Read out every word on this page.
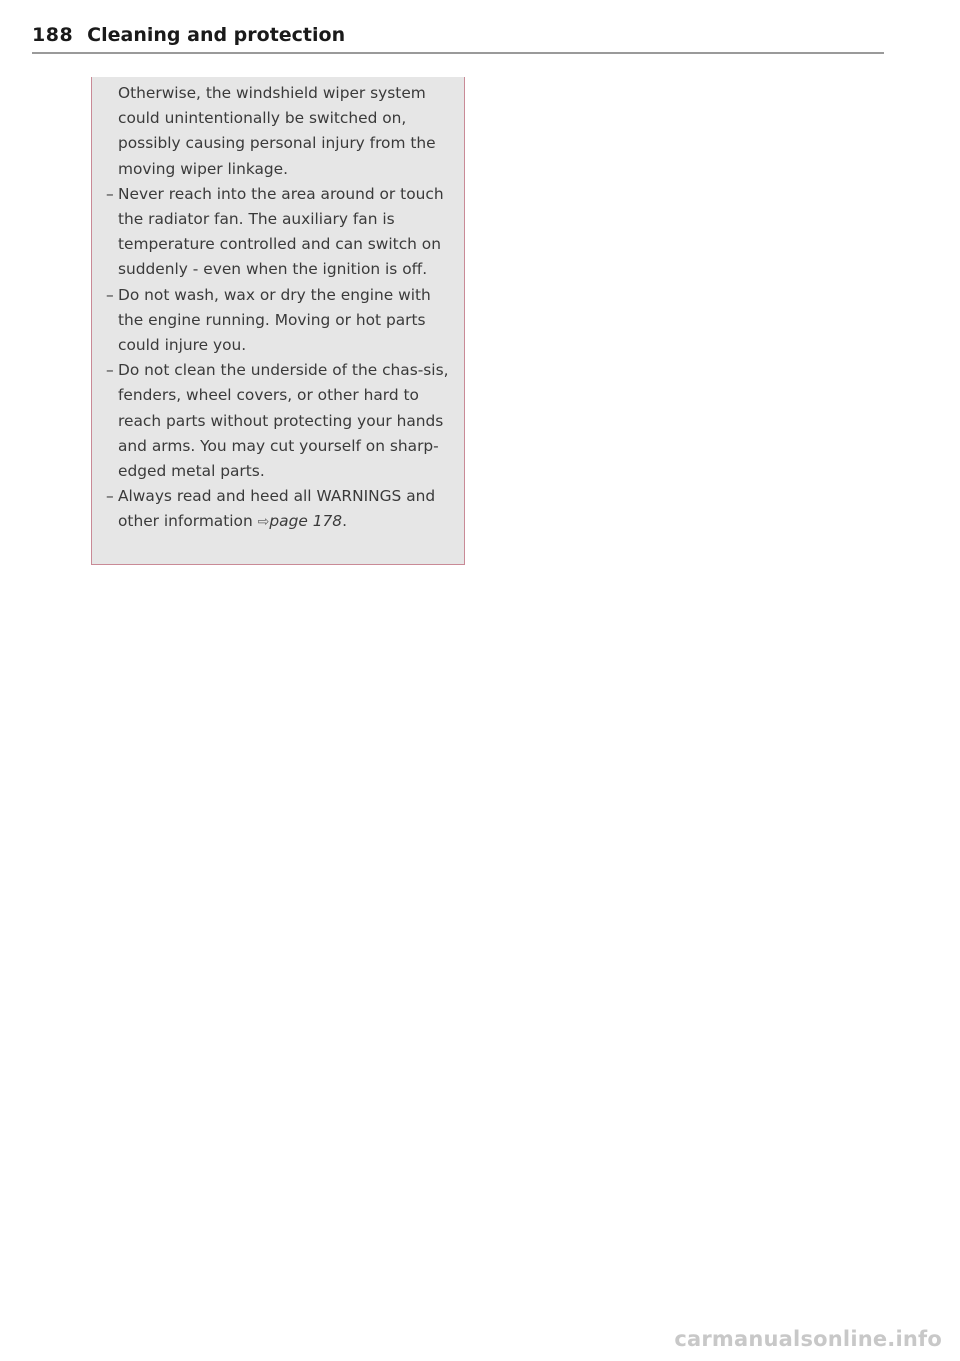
188 Cleaning and protection
Otherwise, the windshield wiper system could unintentionally be switched on, possibly causing personal injury from the moving wiper linkage.
– Never reach into the area around or touch the radiator fan. The auxiliary fan is temperature controlled and can switch on suddenly - even when the ignition is off.
– Do not wash, wax or dry the engine with the engine running. Moving or hot parts could injure you.
– Do not clean the underside of the chas-sis, fenders, wheel covers, or other hard to reach parts without protecting your hands and arms. You may cut yourself on sharp-edged metal parts.
– Always read and heed all WARNINGS and other information ⇨page 178.
carmanualsonline.info
